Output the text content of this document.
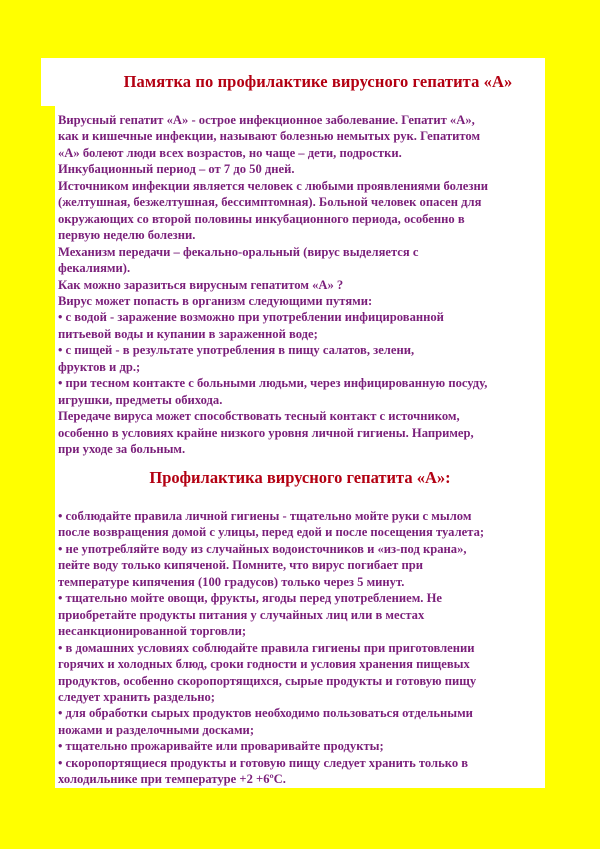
Памятка по профилактике вирусного гепатита «А»

Вирусный гепатит «А» - острое инфекционное заболевание. Гепатит «А»,

как и кишечные инфекции, называют болезнью немытых рук. Гепатитом

«А» болеют люди всех возрастов, но чаще – дети, подростки.

Инкубационный период – от 7 до 50 дней.

Источником инфекции является человек с любыми проявлениями болезни

(желтушная, безжелтушная, бессимптомная). Больной человек опасен для

окружающих со второй половины инкубационного периода, особенно в

первую неделю болезни.

Механизм передачи – фекально-оральный (вирус выделяется с

фекалиями).

Как можно заразиться вирусным гепатитом «А» ?

Вирус может попасть в организм следующими путями:

• с водой - заражение возможно при употреблении инфицированной

питьевой воды и купании в зараженной воде;

• с пищей - в результате употребления в пищу салатов, зелени,

фруктов и др.;

• при тесном контакте с больными людьми, через инфицированную посуду,

игрушки, предметы обихода.

Передаче вируса может способствовать тесный контакт с источником,

особенно в условиях крайне низкого уровня личной гигиены. Например,

при уходе за больным.

Профилактика вирусного гепатита «А»:

• соблюдайте правила личной гигиены - тщательно мойте руки с мылом

после возвращения домой с улицы, перед едой и после посещения туалета;

• не употребляйте воду из случайных водоисточников и «из-под крана»,

пейте воду только кипяченой. Помните, что вирус погибает при

температуре кипячения (100 градусов) только через 5 минут.

• тщательно мойте овощи, фрукты, ягоды перед употреблением. Не

приобретайте продукты питания у случайных лиц или в местах

несанкционированной торговли;

• в домашних условиях соблюдайте правила гигиены при приготовлении

горячих и холодных блюд, сроки годности и условия хранения пищевых

продуктов, особенно скоропортящихся, сырые продукты и готовую пищу

следует хранить раздельно;

• для обработки сырых продуктов необходимо пользоваться отдельными

ножами и разделочными досками;

• тщательно прожаривайте или проваривайте продукты;

• скоропортящиеся продукты и готовую пищу следует хранить только в

холодильнике при температуре +2 +6ºС.
